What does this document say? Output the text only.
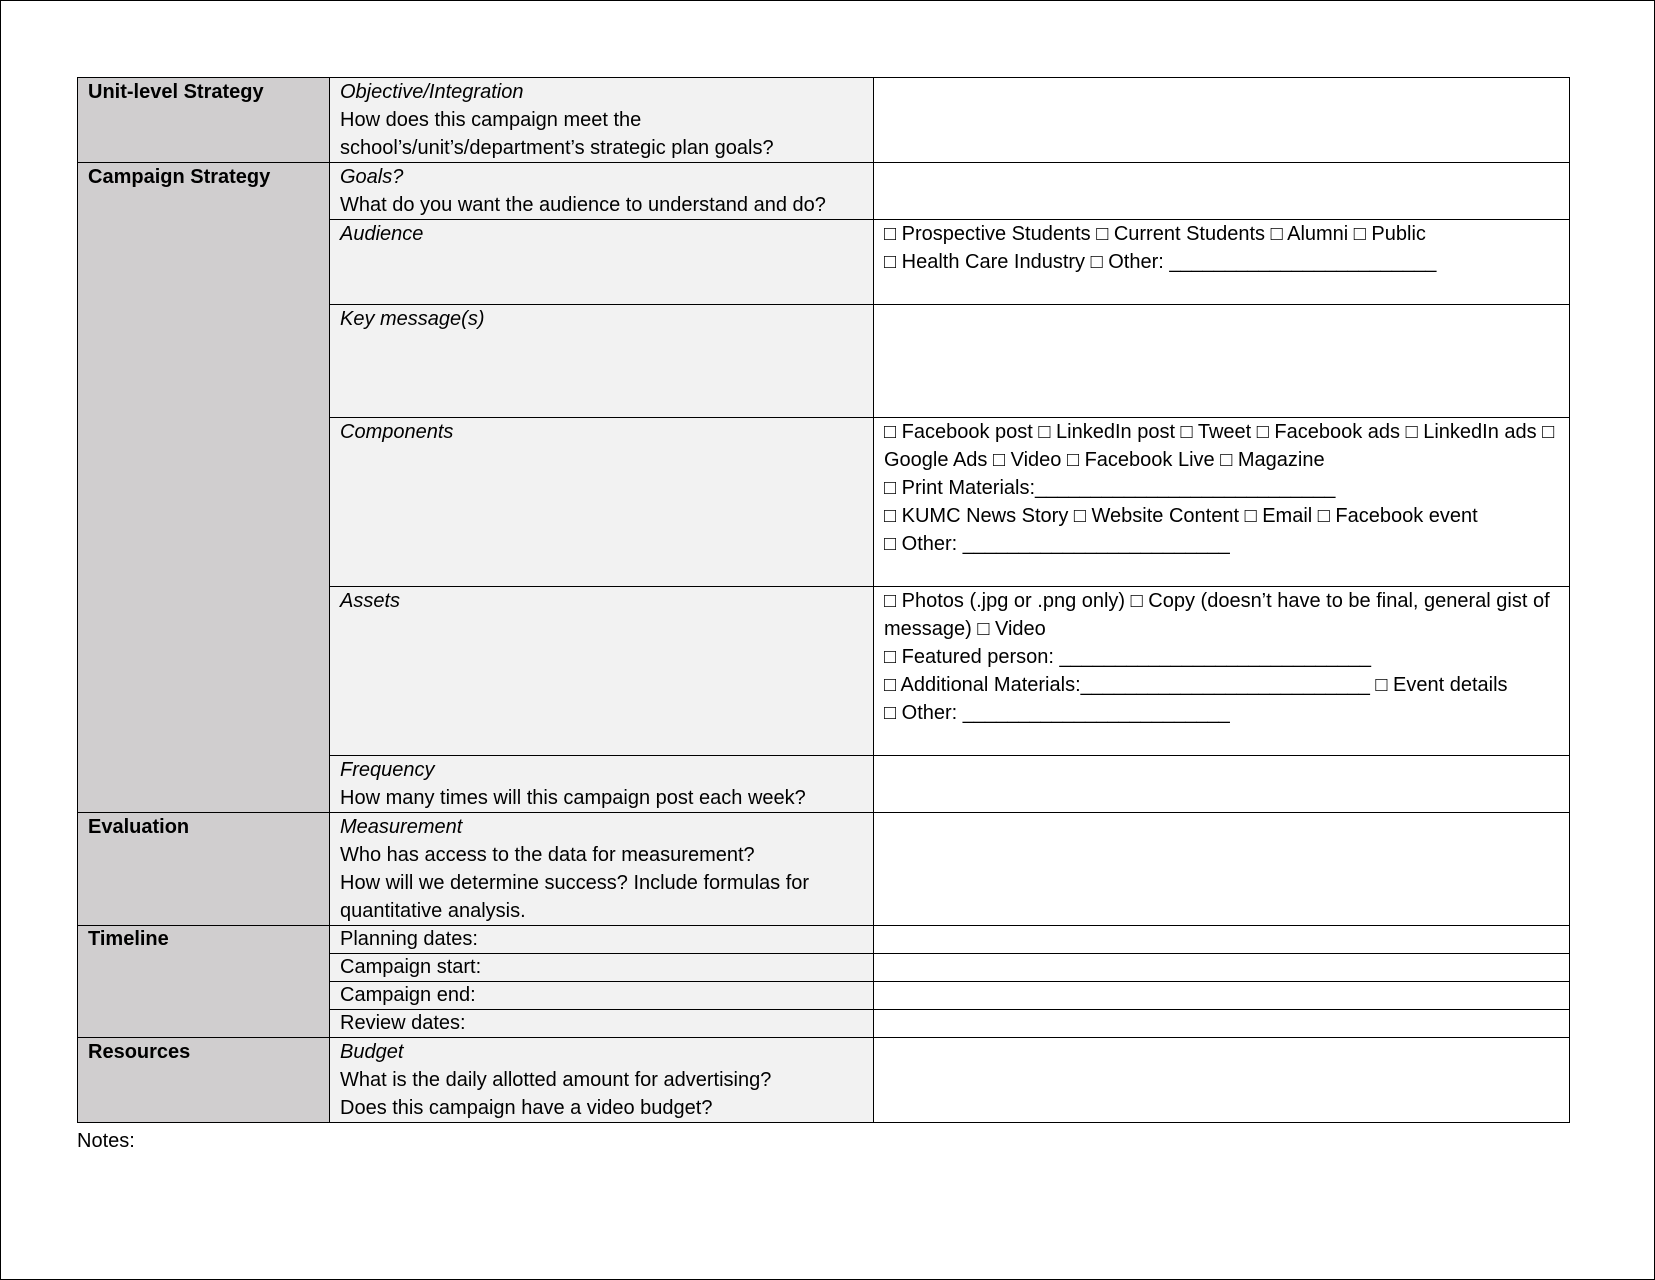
Unit-level Strategy	Objective/Integration
How does this campaign meet the school’s/unit’s/department’s strategic plan goals?	

Campaign Strategy	Goals?
What do you want the audience to understand and do?	

	Audience	□ Prospective Students □ Current Students □ Alumni □ Public
□ Health Care Industry □ Other: ________________________

	Key message(s)	

	Components	□ Facebook post □ LinkedIn post □ Tweet □ Facebook ads □ LinkedIn ads □ Google Ads □ Video □ Facebook Live □ Magazine
□ Print Materials:___________________________
□ KUMC News Story □ Website Content □ Email □ Facebook event
□ Other: ________________________

	Assets	□ Photos (.jpg or .png only) □ Copy (doesn’t have to be final, general gist of message) □ Video
□ Featured person: ____________________________
□ Additional Materials:__________________________ □ Event details
□ Other: ________________________

	Frequency
How many times will this campaign post each week?	

Evaluation	Measurement
Who has access to the data for measurement?
How will we determine success? Include formulas for quantitative analysis.	

Timeline	Planning dates:	
	Campaign start:	
	Campaign end:	
	Review dates:	
Resources	Budget
What is the daily allotted amount for advertising?
Does this campaign have a video budget?	

Notes:
